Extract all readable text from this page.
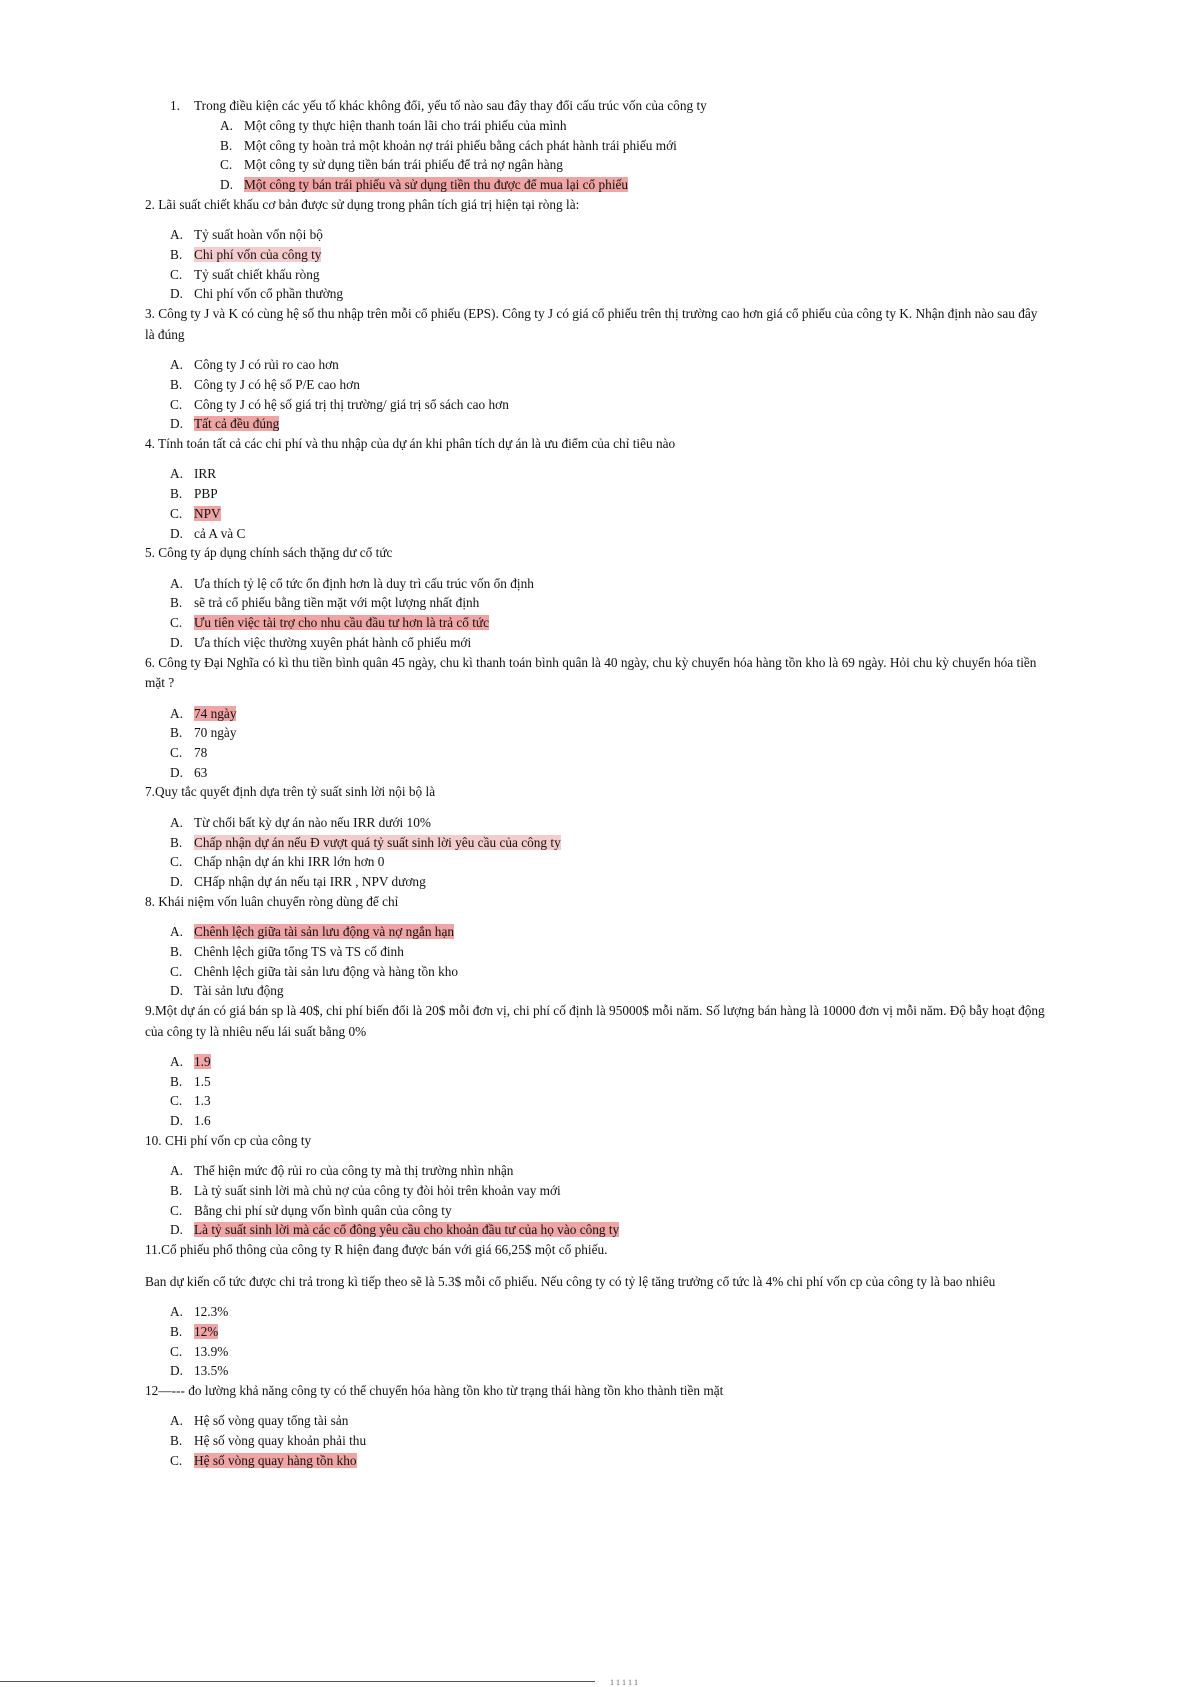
1. Trong điều kiện các yếu tố khác không đổi, yếu tố nào sau đây thay đổi cấu trúc vốn của công ty
A. Một công ty thực hiện thanh toán lãi cho trái phiếu của mình
B. Một công ty hoàn trả một khoản nợ trái phiếu bằng cách phát hành trái phiếu mới
C. Một công ty sử dụng tiền bán trái phiếu để trả nợ ngân hàng
D. Một công ty bán trái phiếu và sử dụng tiền thu được để mua lại cổ phiếu
2. Lãi suất chiết khấu cơ bản được sử dụng trong phân tích giá trị hiện tại ròng là:
A. Tỷ suất hoàn vốn nội bộ
B. Chi phí vốn của công ty
C. Tỷ suất chiết khấu ròng
D. Chi phí vốn cổ phần thường
3. Công ty J và K có cùng hệ số thu nhập trên mỗi cổ phiếu (EPS). Công ty J có giá cổ phiếu trên thị trường cao hơn giá cổ phiếu của công ty K. Nhận định nào sau đây là đúng
A. Công ty J có rủi ro cao hơn
B. Công ty J có hệ số P/E cao hơn
C. Công ty J có hệ số giá trị thị trường/ giá trị sổ sách cao hơn
D. Tất cả đều đúng
4. Tính toán tất cả các chi phí và thu nhập của dự án khi phân tích dự án là ưu điểm của chỉ tiêu nào
A. IRR
B. PBP
C. NPV
D. cả A và C
5. Công ty áp dụng chính sách thặng dư cổ tức
A. Ưa thích tỷ lệ cổ tức ổn định hơn là duy trì cấu trúc vốn ổn định
B. sẽ trả cổ phiếu bằng tiền mặt với một lượng nhất định
C. Ưu tiên việc tài trợ cho nhu cầu đầu tư hơn là trả cổ tức
D. Ưa thích việc thường xuyên phát hành cổ phiếu mới
6. Công ty Đại Nghĩa có kì thu tiền bình quân 45 ngày, chu kì thanh toán bình quân là 40 ngày, chu kỳ chuyển hóa hàng tồn kho là 69 ngày. Hỏi chu kỳ chuyển hóa tiền mặt ?
A. 74 ngày
B. 70 ngày
C. 78
D. 63
7.Quy tắc quyết định dựa trên tỷ suất sinh lời nội bộ là
A. Từ chối bất kỳ dự án nào nếu IRR dưới 10%
B. Chấp nhận dự án nếu Đ vượt quá tỷ suất sinh lời yêu cầu của công ty
C. Chấp nhận dự án khi IRR lớn hơn 0
D. CHấp nhận dự án nếu tại IRR , NPV dương
8. Khái niệm vốn luân chuyển ròng dùng để chỉ
A. Chênh lệch giữa tài sản lưu động và nợ ngắn hạn
B. Chênh lệch giữa tổng TS và TS cố đinh
C. Chênh lệch giữa tài sản lưu động và hàng tồn kho
D. Tài sản lưu động
9.Một dự án có giá bán sp là 40$, chi phí biến đổi là 20$ mỗi đơn vị, chi phí cố định là 95000$ mỗi năm. Số lượng bán hàng là 10000 đơn vị mỗi năm. Độ bẫy hoạt động của công ty là nhiêu nếu lái suất bằng 0%
A. 1.9
B. 1.5
C. 1.3
D. 1.6
10. CHi phí vốn cp của công ty
A. Thể hiện mức độ rủi ro của công ty mà thị trường nhìn nhận
B. Là tỷ suất sinh lời mà chủ nợ của công ty đòi hỏi trên khoản vay mới
C. Bằng chi phí sử dụng vốn bình quân của công ty
D. Là tỷ suất sinh lời mà các cổ đông yêu cầu cho khoản đầu tư của họ vào công ty
11.Cổ phiếu phổ thông của công ty R hiện đang được bán với giá 66,25$ một cổ phiếu.
Ban dự kiến cổ tức được chi trả trong kì tiếp theo sẽ là 5.3$ mỗi cổ phiếu. Nếu công ty có tỷ lệ tăng trưởng cổ tức là 4% chi phí vốn cp của công ty là bao nhiêu
A. 12.3%
B. 12%
C. 13.9%
D. 13.5%
12—--- đo lường khả năng công ty có thể chuyển hóa hàng tồn kho từ trạng thái hàng tồn kho thành tiền mặt
A. Hệ số vòng quay tổng tài sản
B. Hệ số vòng quay khoản phải thu
C. Hệ số vòng quay hàng tồn kho
1 1 1 1 1
